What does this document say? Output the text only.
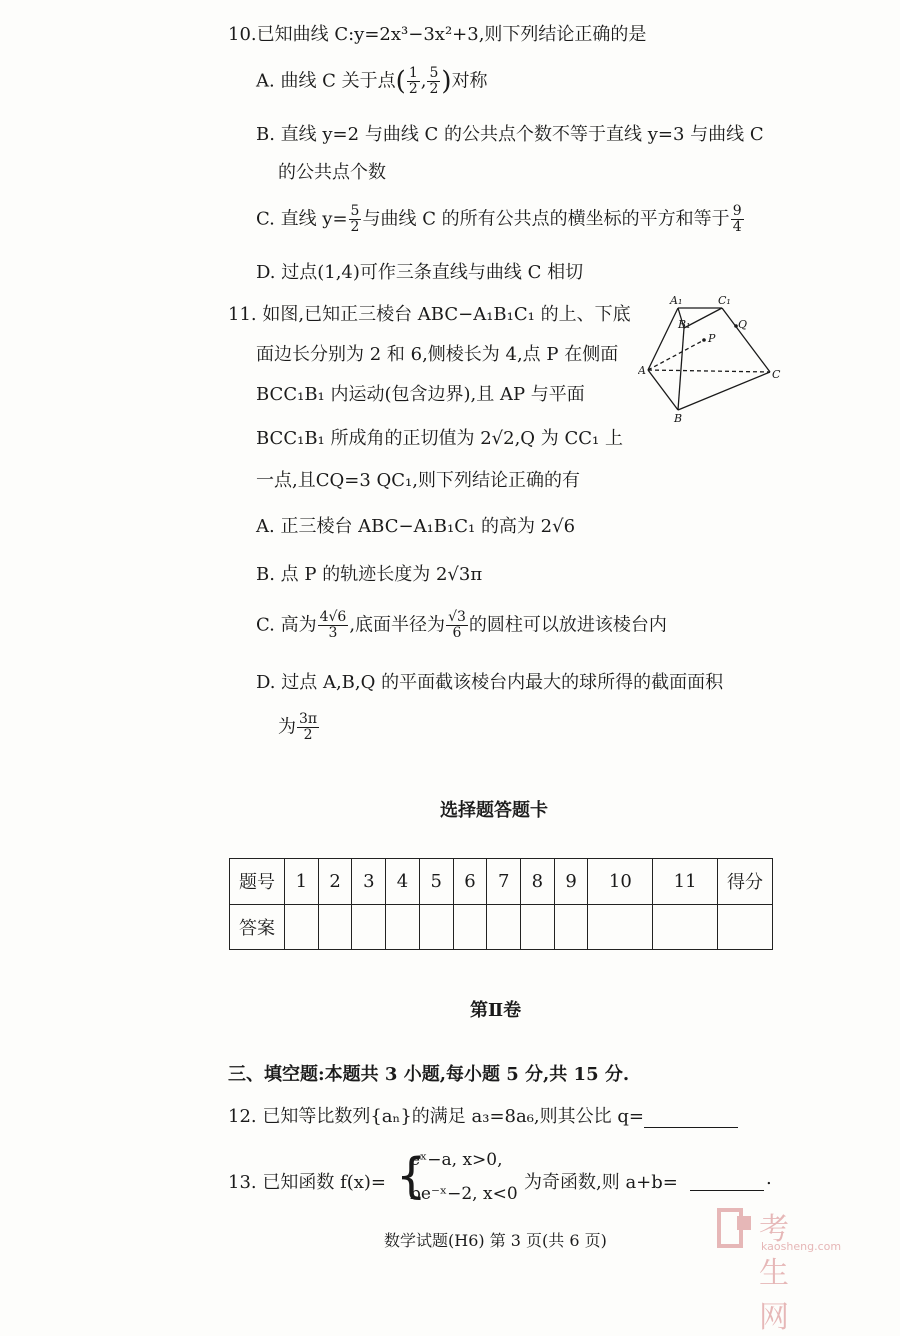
10.已知曲线 C:y=2x³−3x²+3,则下列结论正确的是
A. 曲线 C 关于点( $\frac{1}{2}$ , $\frac{5}{2}$ )对称
B. 直线 y=2 与曲线 C 的公共点个数不等于直线 y=3 与曲线 C
的公共点个数
C. 直线 $y= \frac{5}{2}$ 与曲线 C 的所有公共点的横坐标的平方和等于 $\frac{9}{4}$
D. 过点(1,4)可作三条直线与曲线 C 相切
11. 如图,已知正三棱台 ABC−A₁B₁C₁ 的上、下底
面边长分别为 2 和 6,侧棱长为 4,点 P 在侧面
BCC₁B₁ 内运动(包含边界),且 AP 与平面
BCC₁B₁ 所成角的正切值为 2√2,Q 为 CC₁ 上
一点,且CQ=3 QC₁,则下列结论正确的有
A₁	C₁
B₁	Q
P
A
B
C
A. 正三棱台 ABC−A₁B₁C₁ 的高为 2√6
B. 点 P 的轨迹长度为 2√3π
C. 高为 $\frac{4√6}{3}$ ,底面半径为 $\frac{√3}{6}$ 的圆柱可以放进该棱台内
D. 过点 A,B,Q 的平面截该棱台内最大的球所得的截面面积
为 $\frac{3\pi}{2}$
选择题答题卡
题号	1	2	3	4	5	6	7	8	9	10	11	得分
答案												
第Ⅱ卷
三、填空题:本题共 3 小题,每小题 5 分,共 15 分.
12. 已知等比数列{aₙ}的满足 a₃=8a₆,则其公比 q=
13. 已知函数 f(x)= {
eˣ−a, x>0,
be⁻ˣ−2, x<0
为奇函数,则 a+b=	.
数学试题(H6) 第 3 页(共 6 页)	考生网
kaosheng.com
